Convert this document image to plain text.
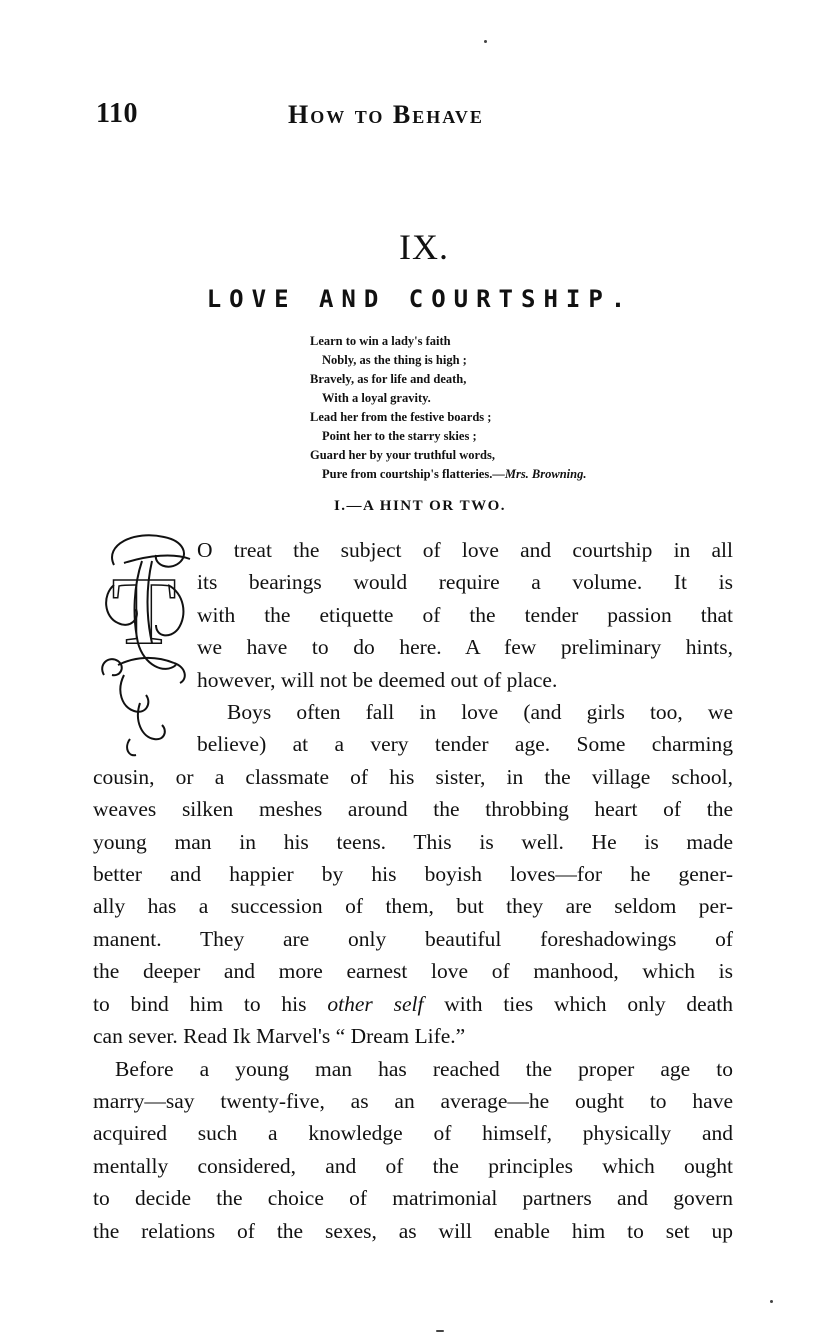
110	How to Behave
IX.
LOVE AND COURTSHIP.
Learn to win a lady's faith
Nobly, as the thing is high ;
Bravely, as for life and death,
With a loyal gravity.
Lead her from the festive boards ;
Point her to the starry skies ;
Guard her by your truthful words,
Pure from courtship's flatteries.—Mrs. Browning.
I.—A HINT OR TWO.
T

O treat the subject of love and courtship in all
its bearings would require a volume. It is
with the etiquette of the tender passion that
we have to do here. A few preliminary hints,
however, will not be deemed out of place.

Boys often fall in love (and girls too, we
believe) at a very tender age. Some charming
cousin, or a classmate of his sister, in the village school,
weaves silken meshes around the throbbing heart of the
young man in his teens. This is well. He is made
better and happier by his boyish loves—for he gener-
ally has a succession of them, but they are seldom per-
manent. They are only beautiful foreshadowings of
the deeper and more earnest love of manhood, which is
to bind him to his other self with ties which only death
can sever. Read Ik Marvel's “ Dream Life.”

Before a young man has reached the proper age to
marry—say twenty-five, as an average—he ought to have
acquired such a knowledge of himself, physically and
mentally considered, and of the principles which ought
to decide the choice of matrimonial partners and govern
the relations of the sexes, as will enable him to set up
